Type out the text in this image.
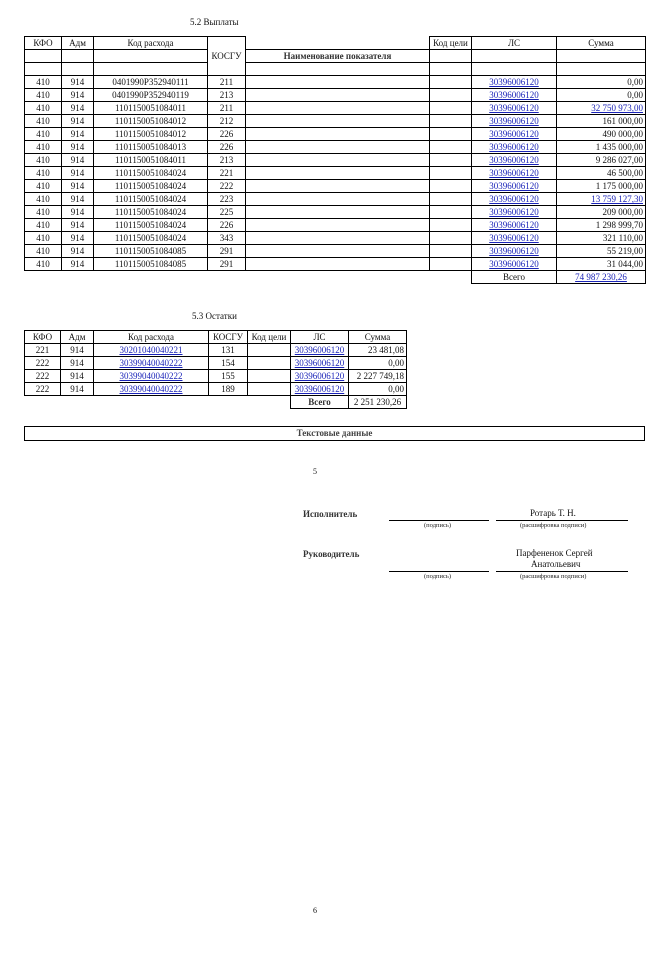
'
5.2 Выплаты
КФО	Адм	Код расхода	КОСГУ		Код цели	ЛС	Сумма
				Наименование показателя			

410	914	0401990P352940111	211			30396006120	0,00
410	914	0401990P352940119	213			30396006120	0,00
410	914	1101150051084011	211			30396006120	32 750 973,00
410	914	1101150051084012	212			30396006120	161 000,00
410	914	1101150051084012	226			30396006120	490 000,00
410	914	1101150051084013	226			30396006120	1 435 000,00
410	914	1101150051084011	213			30396006120	9 286 027,00
410	914	1101150051084024	221			30396006120	46 500,00
410	914	1101150051084024	222			30396006120	1 175 000,00
410	914	1101150051084024	223			30396006120	13 759 127,30
410	914	1101150051084024	225			30396006120	209 000,00
410	914	1101150051084024	226			30396006120	1 298 999,70
410	914	1101150051084024	343			30396006120	321 110,00
410	914	1101150051084085	291			30396006120	55 219,00
410	914	1101150051084085	291			30396006120	31 044,00
						Всего	74 987 230,26
5.3 Остатки
КФО	Адм	Код расхода	КОСГУ	Код цели	ЛС	Сумма
221	914	30201040040221	131		30396006120	23 481,08
222	914	30399040040222	154		30396006120	0,00
222	914	30399040040222	155		30396006120	2 227 749,18
222	914	30399040040222	189		30396006120	0,00
					Всего	2 251 230,26
Текстовые данные
5
Исполнитель	Ротарь Т. Н.
(подпись)	(расшифровка подписи)
Руководитель	Парфененок Сергей
Анатольевич
(подпись)	(расшифровка подписи)
6
